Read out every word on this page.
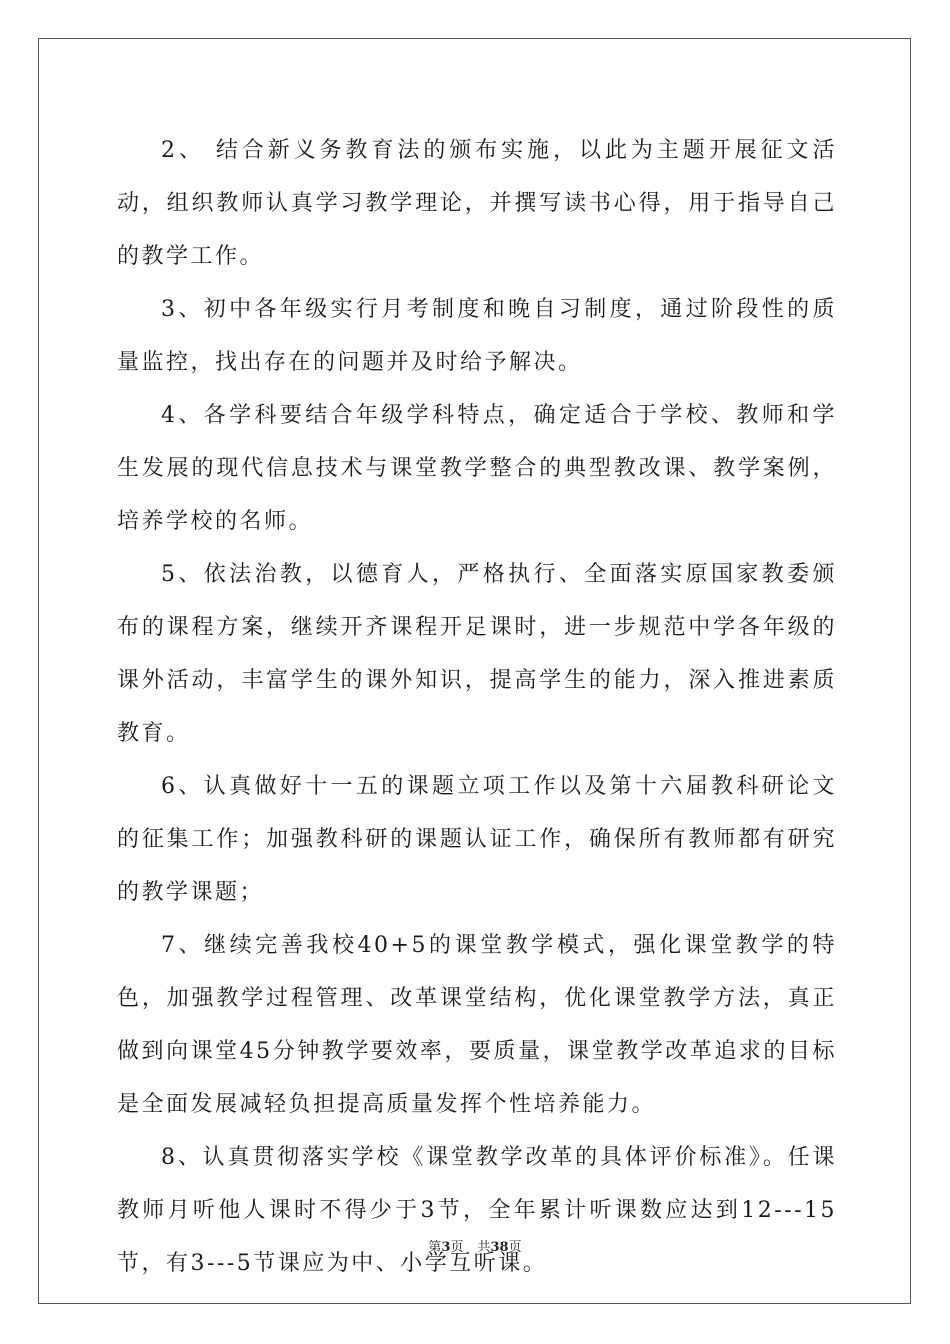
2、 结合新义务教育法的颁布实施，以此为主题开展征文活动，组织教师认真学习教学理论，并撰写读书心得，用于指导自己的教学工作。

3、初中各年级实行月考制度和晚自习制度，通过阶段性的质量监控，找出存在的问题并及时给予解决。

4、各学科要结合年级学科特点，确定适合于学校、教师和学生发展的现代信息技术与课堂教学整合的典型教改课、教学案例，培养学校的名师。

5、依法治教，以德育人，严格执行、全面落实原国家教委颁布的课程方案，继续开齐课程开足课时，进一步规范中学各年级的课外活动，丰富学生的课外知识，提高学生的能力，深入推进素质教育。

6、认真做好十一五的课题立项工作以及第十六届教科研论文的征集工作；加强教科研的课题认证工作，确保所有教师都有研究的教学课题；

7、继续完善我校40+5的课堂教学模式，强化课堂教学的特色，加强教学过程管理、改革课堂结构，优化课堂教学方法，真正做到向课堂45分钟教学要效率，要质量，课堂教学改革追求的目标是全面发展减轻负担提高质量发挥个性培养能力。

8、认真贯彻落实学校《课堂教学改革的具体评价标准》。任课教师月听他人课时不得少于3节，全年累计听课数应达到12---15节，有3---5节课应为中、小学互听课。

第3页 共38页
